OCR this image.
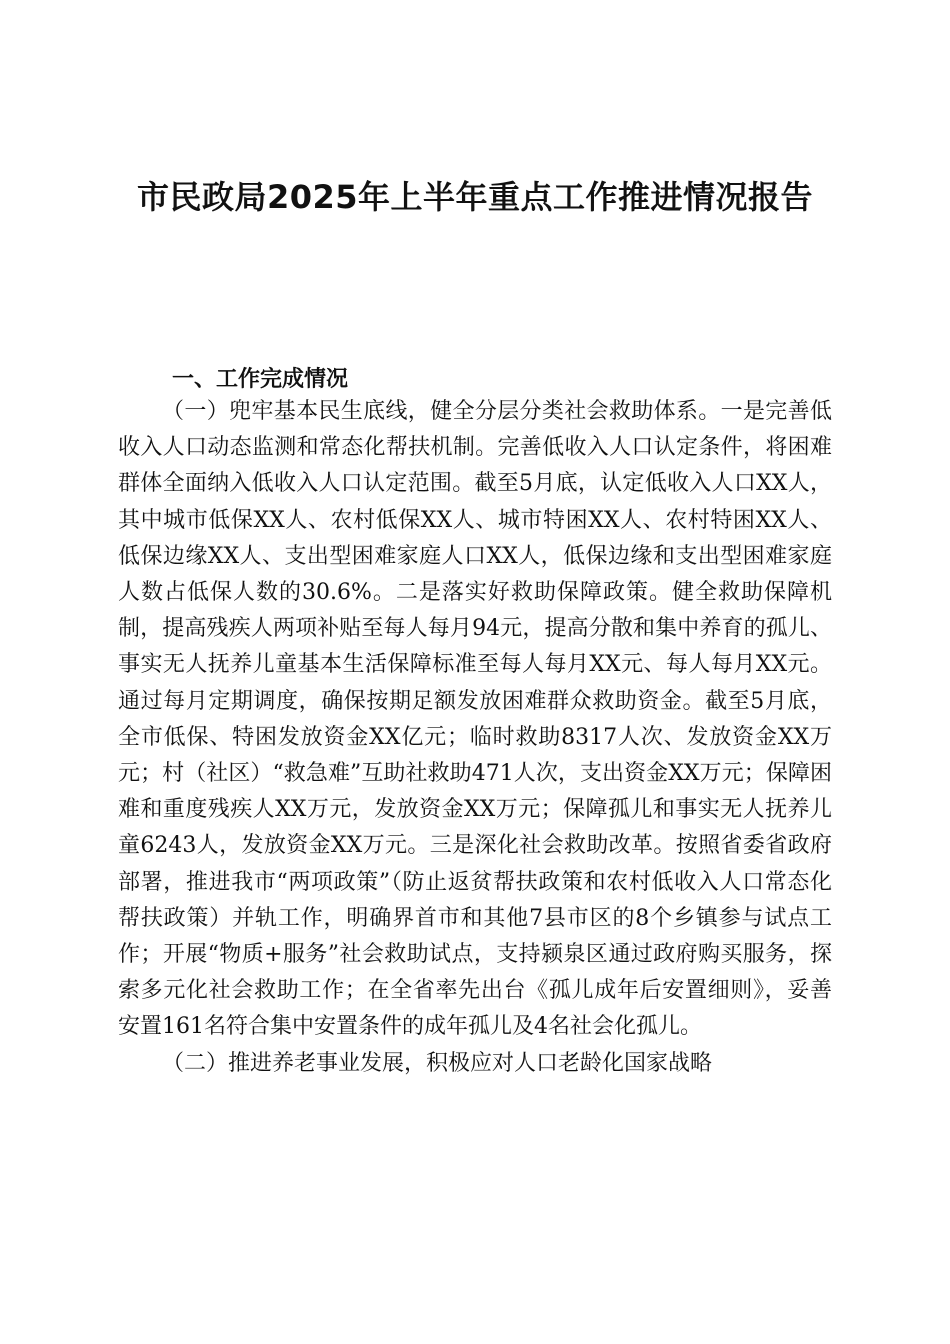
市民政局2025年上半年重点工作推进情况报告
一、工作完成情况

（一）兜牢基本民生底线，健全分层分类社会救助体系。一是完善低收入人口动态监测和常态化帮扶机制。完善低收入人口认定条件，将困难群体全面纳入低收入人口认定范围。截至5月底，认定低收入人口XX人，其中城市低保XX人、农村低保XX人、城市特困XX人、农村特困XX人、低保边缘XX人、支出型困难家庭人口XX人，低保边缘和支出型困难家庭人数占低保人数的30.6%。二是落实好救助保障政策。健全救助保障机制，提高残疾人两项补贴至每人每月94元，提高分散和集中养育的孤儿、事实无人抚养儿童基本生活保障标准至每人每月XX元、每人每月XX元。通过每月定期调度，确保按期足额发放困难群众救助资金。截至5月底，全市低保、特困发放资金XX亿元；临时救助8317人次、发放资金XX万元；村（社区）“救急难”互助社救助471人次，支出资金XX万元；保障困难和重度残疾人XX万元，发放资金XX万元；保障孤儿和事实无人抚养儿童6243人，发放资金XX万元。三是深化社会救助改革。按照省委省政府部署，推进我市“两项政策”（防止返贫帮扶政策和农村低收入人口常态化帮扶政策）并轨工作，明确界首市和其他7县市区的8个乡镇参与试点工作；开展“物质+服务”社会救助试点，支持颍泉区通过政府购买服务，探索多元化社会救助工作；在全省率先出台《孤儿成年后安置细则》，妥善安置161名符合集中安置条件的成年孤儿及4名社会化孤儿。

（二）推进养老事业发展，积极应对人口老龄化国家战略
